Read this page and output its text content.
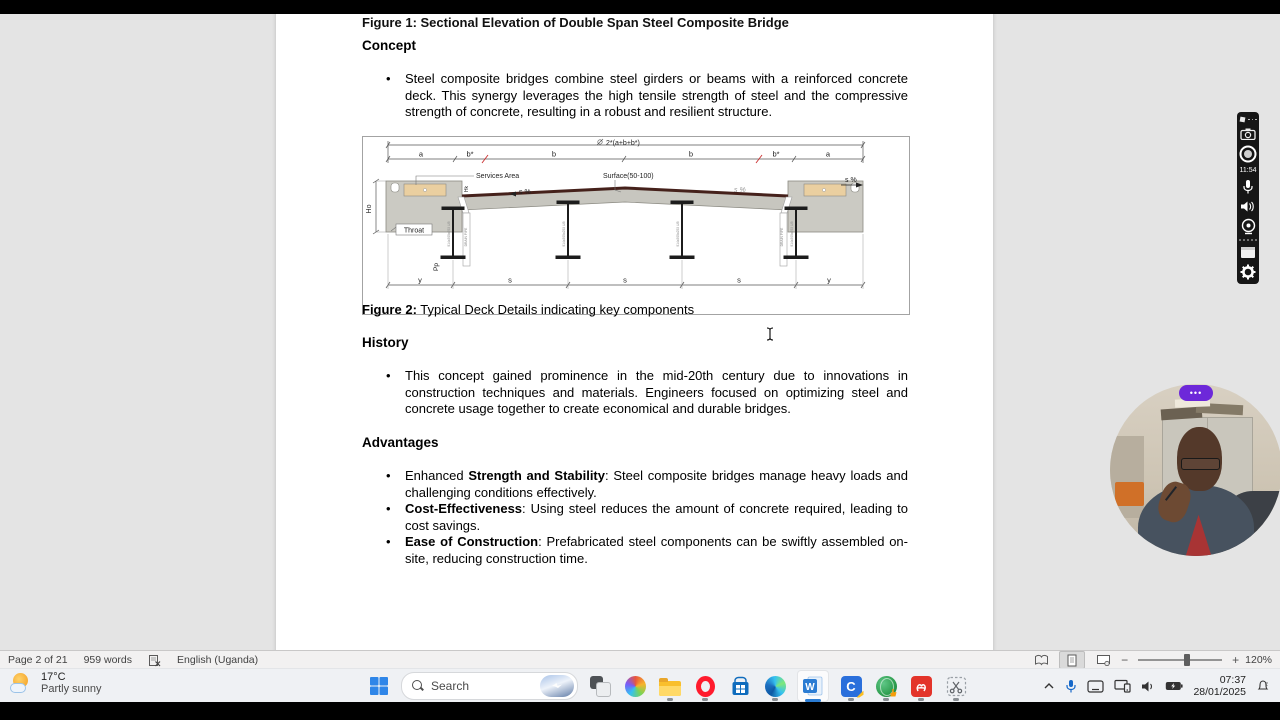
Figure 1: Sectional Elevation of Double Span Steel Composite Bridge
Concept
•	Steel composite bridges combine steel girders or beams with a reinforced concrete deck. This synergy leverages the high tensile strength of steel and the compressive strength of concrete, resulting in a robust and resilient structure.
2*(a+b+b*)
a	b*	b	b	b*	a
914x305x253 UB	914x305x253 UB	914x305x253 UB	914x305x253 UB
DRAIN PIPE	DRAIN PIPE
y	s	s	s	y
Ho
Hk
Throat
Pp
Services Area	Surface(50-100)
s %	s %
s %
Figure 2: Typical Deck Details indicating key components
History
•	This concept gained prominence in the mid-20th century due to innovations in construction techniques and materials. Engineers focused on optimizing steel and concrete usage together to create economical and durable bridges.
Advantages
•	Enhanced Strength and Stability: Steel composite bridges manage heavy loads and challenging conditions effectively.
•	Cost-Effectiveness: Using steel reduces the amount of concrete required, leading to cost savings.
•	Ease of Construction: Prefabricated steel components can be swiftly assembled on-site, reducing construction time.
Page 2 of 21 959 words	English (Uganda)	−	+ 120%
17°C
Partly sunny	Search	W	C	07:37
28/01/2025
z
11:54
•••
